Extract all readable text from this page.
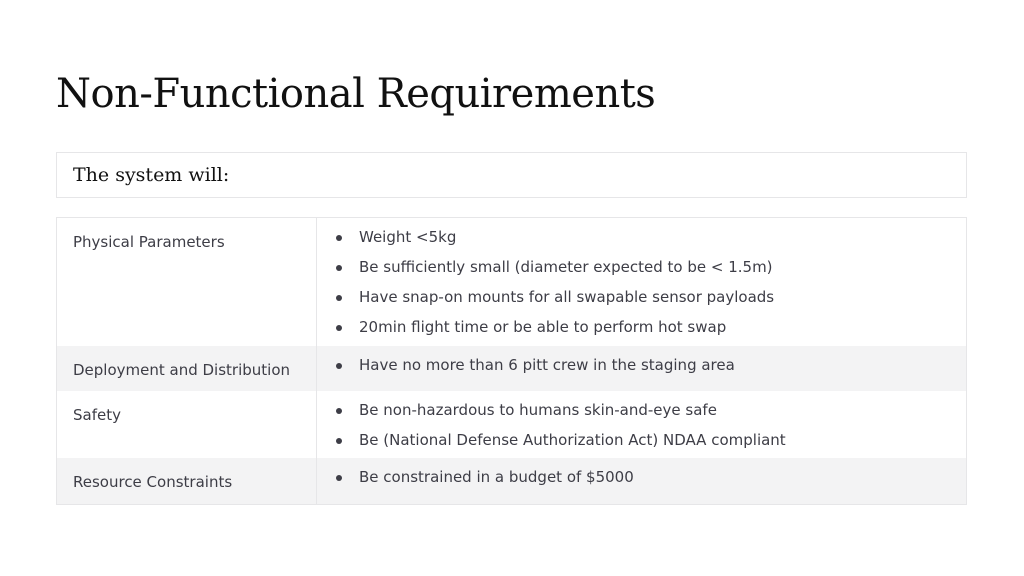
Non-Functional Requirements
The system will:
Physical Parameters	Weight <5kg
Be sufficiently small (diameter expected to be < 1.5m)
Have snap-on mounts for all swapable sensor payloads
20min flight time or be able to perform hot swap
Deployment and Distribution	Have no more than 6 pitt crew in the staging area
Safety	Be non-hazardous to humans skin-and-eye safe
Be (National Defense Authorization Act) NDAA compliant
Resource Constraints	Be constrained in a budget of $5000
